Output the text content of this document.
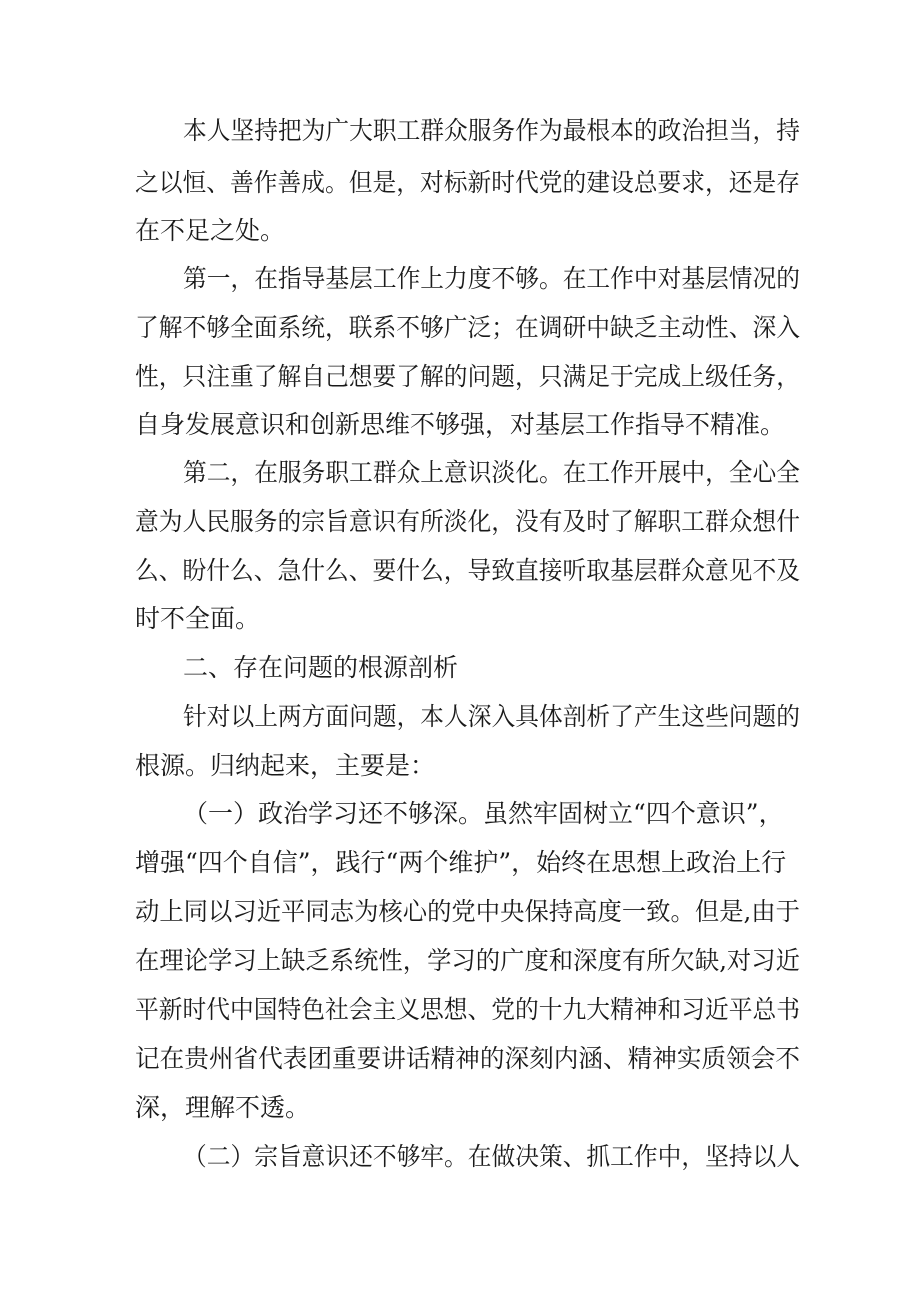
本人坚持把为广大职工群众服务作为最根本的政治担当，持
之以恒、善作善成。但是，对标新时代党的建设总要求，还是存
在不足之处。
第一，在指导基层工作上力度不够。在工作中对基层情况的
了解不够全面系统，联系不够广泛；在调研中缺乏主动性、深入
性，只注重了解自己想要了解的问题，只满足于完成上级任务，
自身发展意识和创新思维不够强，对基层工作指导不精准。
第二，在服务职工群众上意识淡化。在工作开展中，全心全
意为人民服务的宗旨意识有所淡化，没有及时了解职工群众想什
么、盼什么、急什么、要什么，导致直接听取基层群众意见不及
时不全面。
二、存在问题的根源剖析
针对以上两方面问题，本人深入具体剖析了产生这些问题的
根源。归纳起来，主要是：
（一）政治学习还不够深。虽然牢固树立“四个意识”，
增强“四个自信”，践行“两个维护”，始终在思想上政治上行
动上同以习近平同志为核心的党中央保持高度一致。但是,由于
在理论学习上缺乏系统性，学习的广度和深度有所欠缺,对习近
平新时代中国特色社会主义思想、党的十九大精神和习近平总书
记在贵州省代表团重要讲话精神的深刻内涵、精神实质领会不
深，理解不透。
（二）宗旨意识还不够牢。在做决策、抓工作中，坚持以人
